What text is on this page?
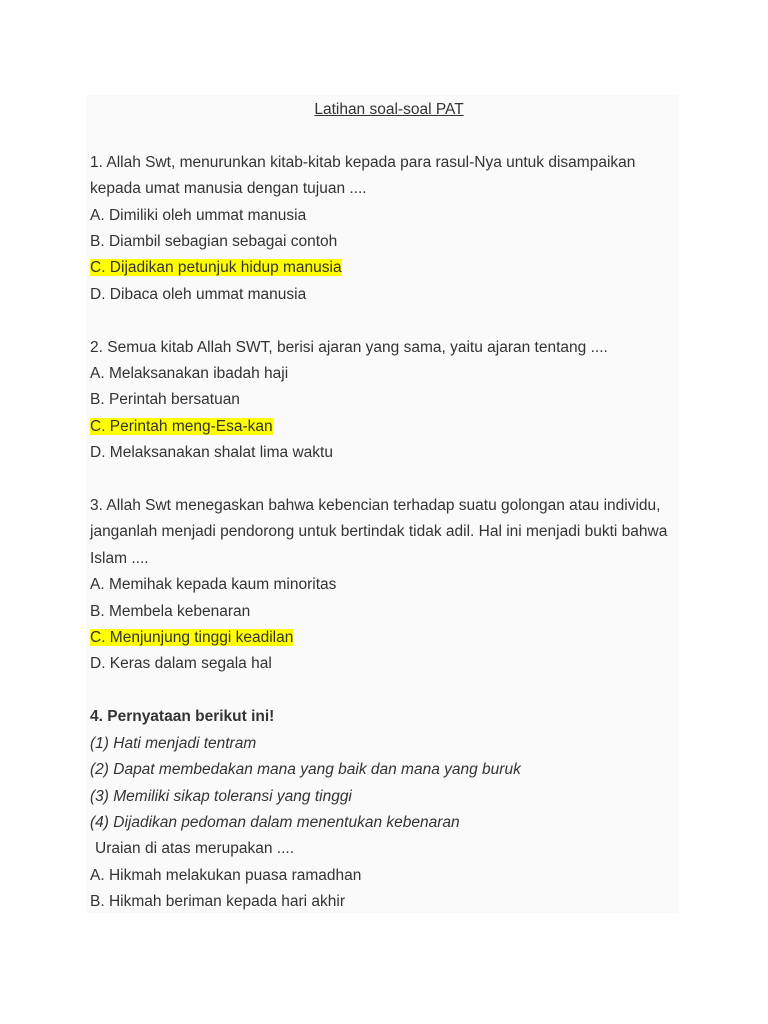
Latihan soal-soal PAT
1. Allah Swt, menurunkan kitab-kitab kepada para rasul-Nya untuk disampaikan kepada umat manusia dengan tujuan ....
A. Dimiliki oleh ummat manusia
B. Diambil sebagian sebagai contoh
C. Dijadikan petunjuk hidup manusia
D. Dibaca oleh ummat manusia
2. Semua kitab Allah SWT, berisi ajaran yang sama, yaitu ajaran tentang ....
A. Melaksanakan ibadah haji
B. Perintah bersatuan
C. Perintah meng-Esa-kan
D. Melaksanakan shalat lima waktu
3. Allah Swt menegaskan bahwa kebencian terhadap suatu golongan atau individu, janganlah menjadi pendorong untuk bertindak tidak adil. Hal ini menjadi bukti bahwa Islam ....
A. Memihak kepada kaum minoritas
B. Membela kebenaran
C. Menjunjung tinggi keadilan
D. Keras dalam segala hal
4. Pernyataan berikut ini!
(1) Hati menjadi tentram
(2) Dapat membedakan mana yang baik dan mana yang buruk
(3) Memiliki sikap toleransi yang tinggi
(4) Dijadikan pedoman dalam menentukan kebenaran
Uraian di atas merupakan ....
A. Hikmah melakukan puasa ramadhan
B. Hikmah beriman kepada hari akhir
